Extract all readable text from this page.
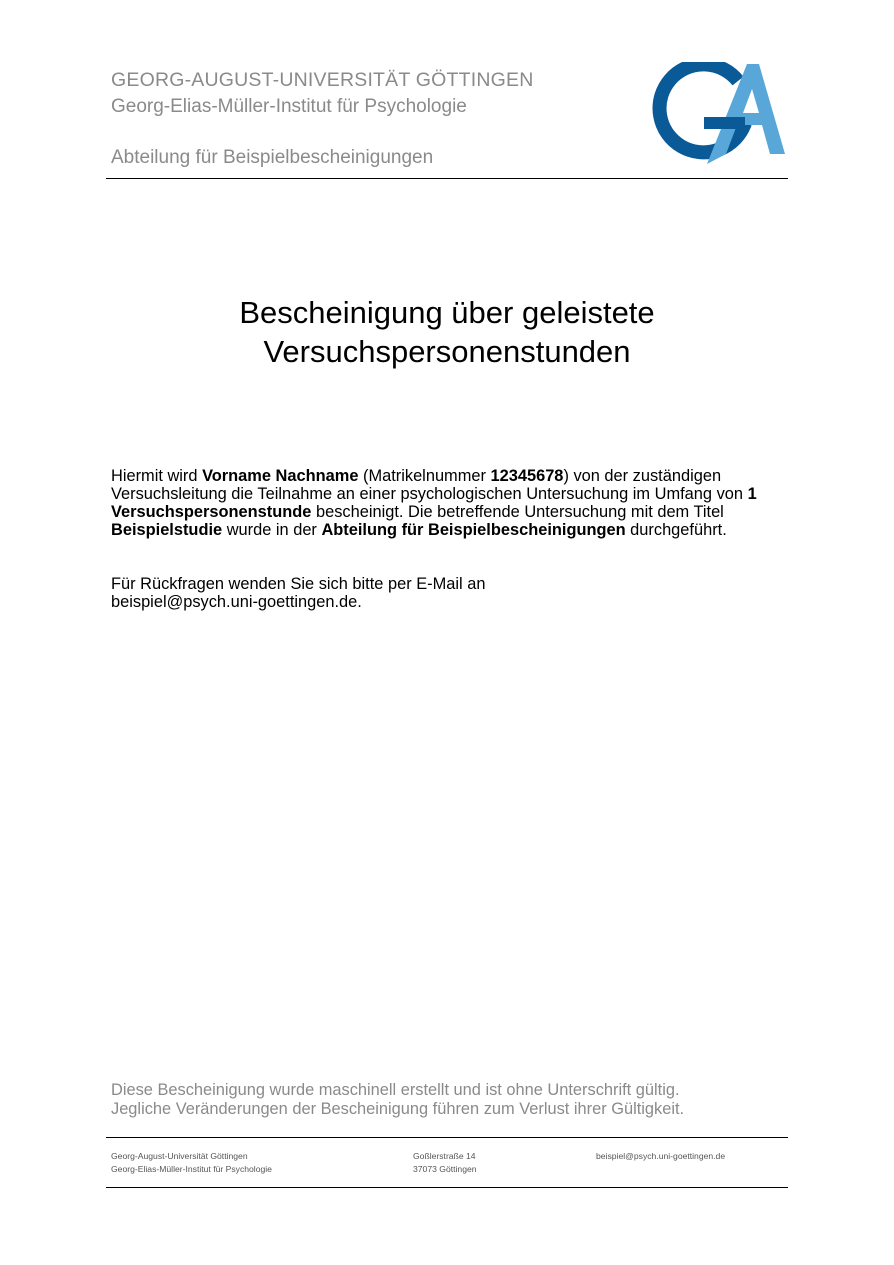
GEORG-AUGUST-UNIVERSITÄT GÖTTINGEN
Georg-Elias-Müller-Institut für Psychologie
Abteilung für Beispielbescheinigungen
Bescheinigung über geleistete
Versuchspersonenstunden
Hiermit wird Vorname Nachname (Matrikelnummer 12345678) von der zuständigen Versuchsleitung die Teilnahme an einer psychologischen Untersuchung im Umfang von 1 Versuchspersonenstunde bescheinigt. Die betreffende Untersuchung mit dem Titel Beispielstudie wurde in der Abteilung für Beispielbescheinigungen durchgeführt.
Für Rückfragen wenden Sie sich bitte per E-Mail an
beispiel@psych.uni-goettingen.de.
Diese Bescheinigung wurde maschinell erstellt und ist ohne Unterschrift gültig.
Jegliche Veränderungen der Bescheinigung führen zum Verlust ihrer Gültigkeit.
Georg-August-Universität Göttingen
Georg-Elias-Müller-Institut für Psychologie
Goßlerstraße 14
37073 Göttingen
beispiel@psych.uni-goettingen.de
